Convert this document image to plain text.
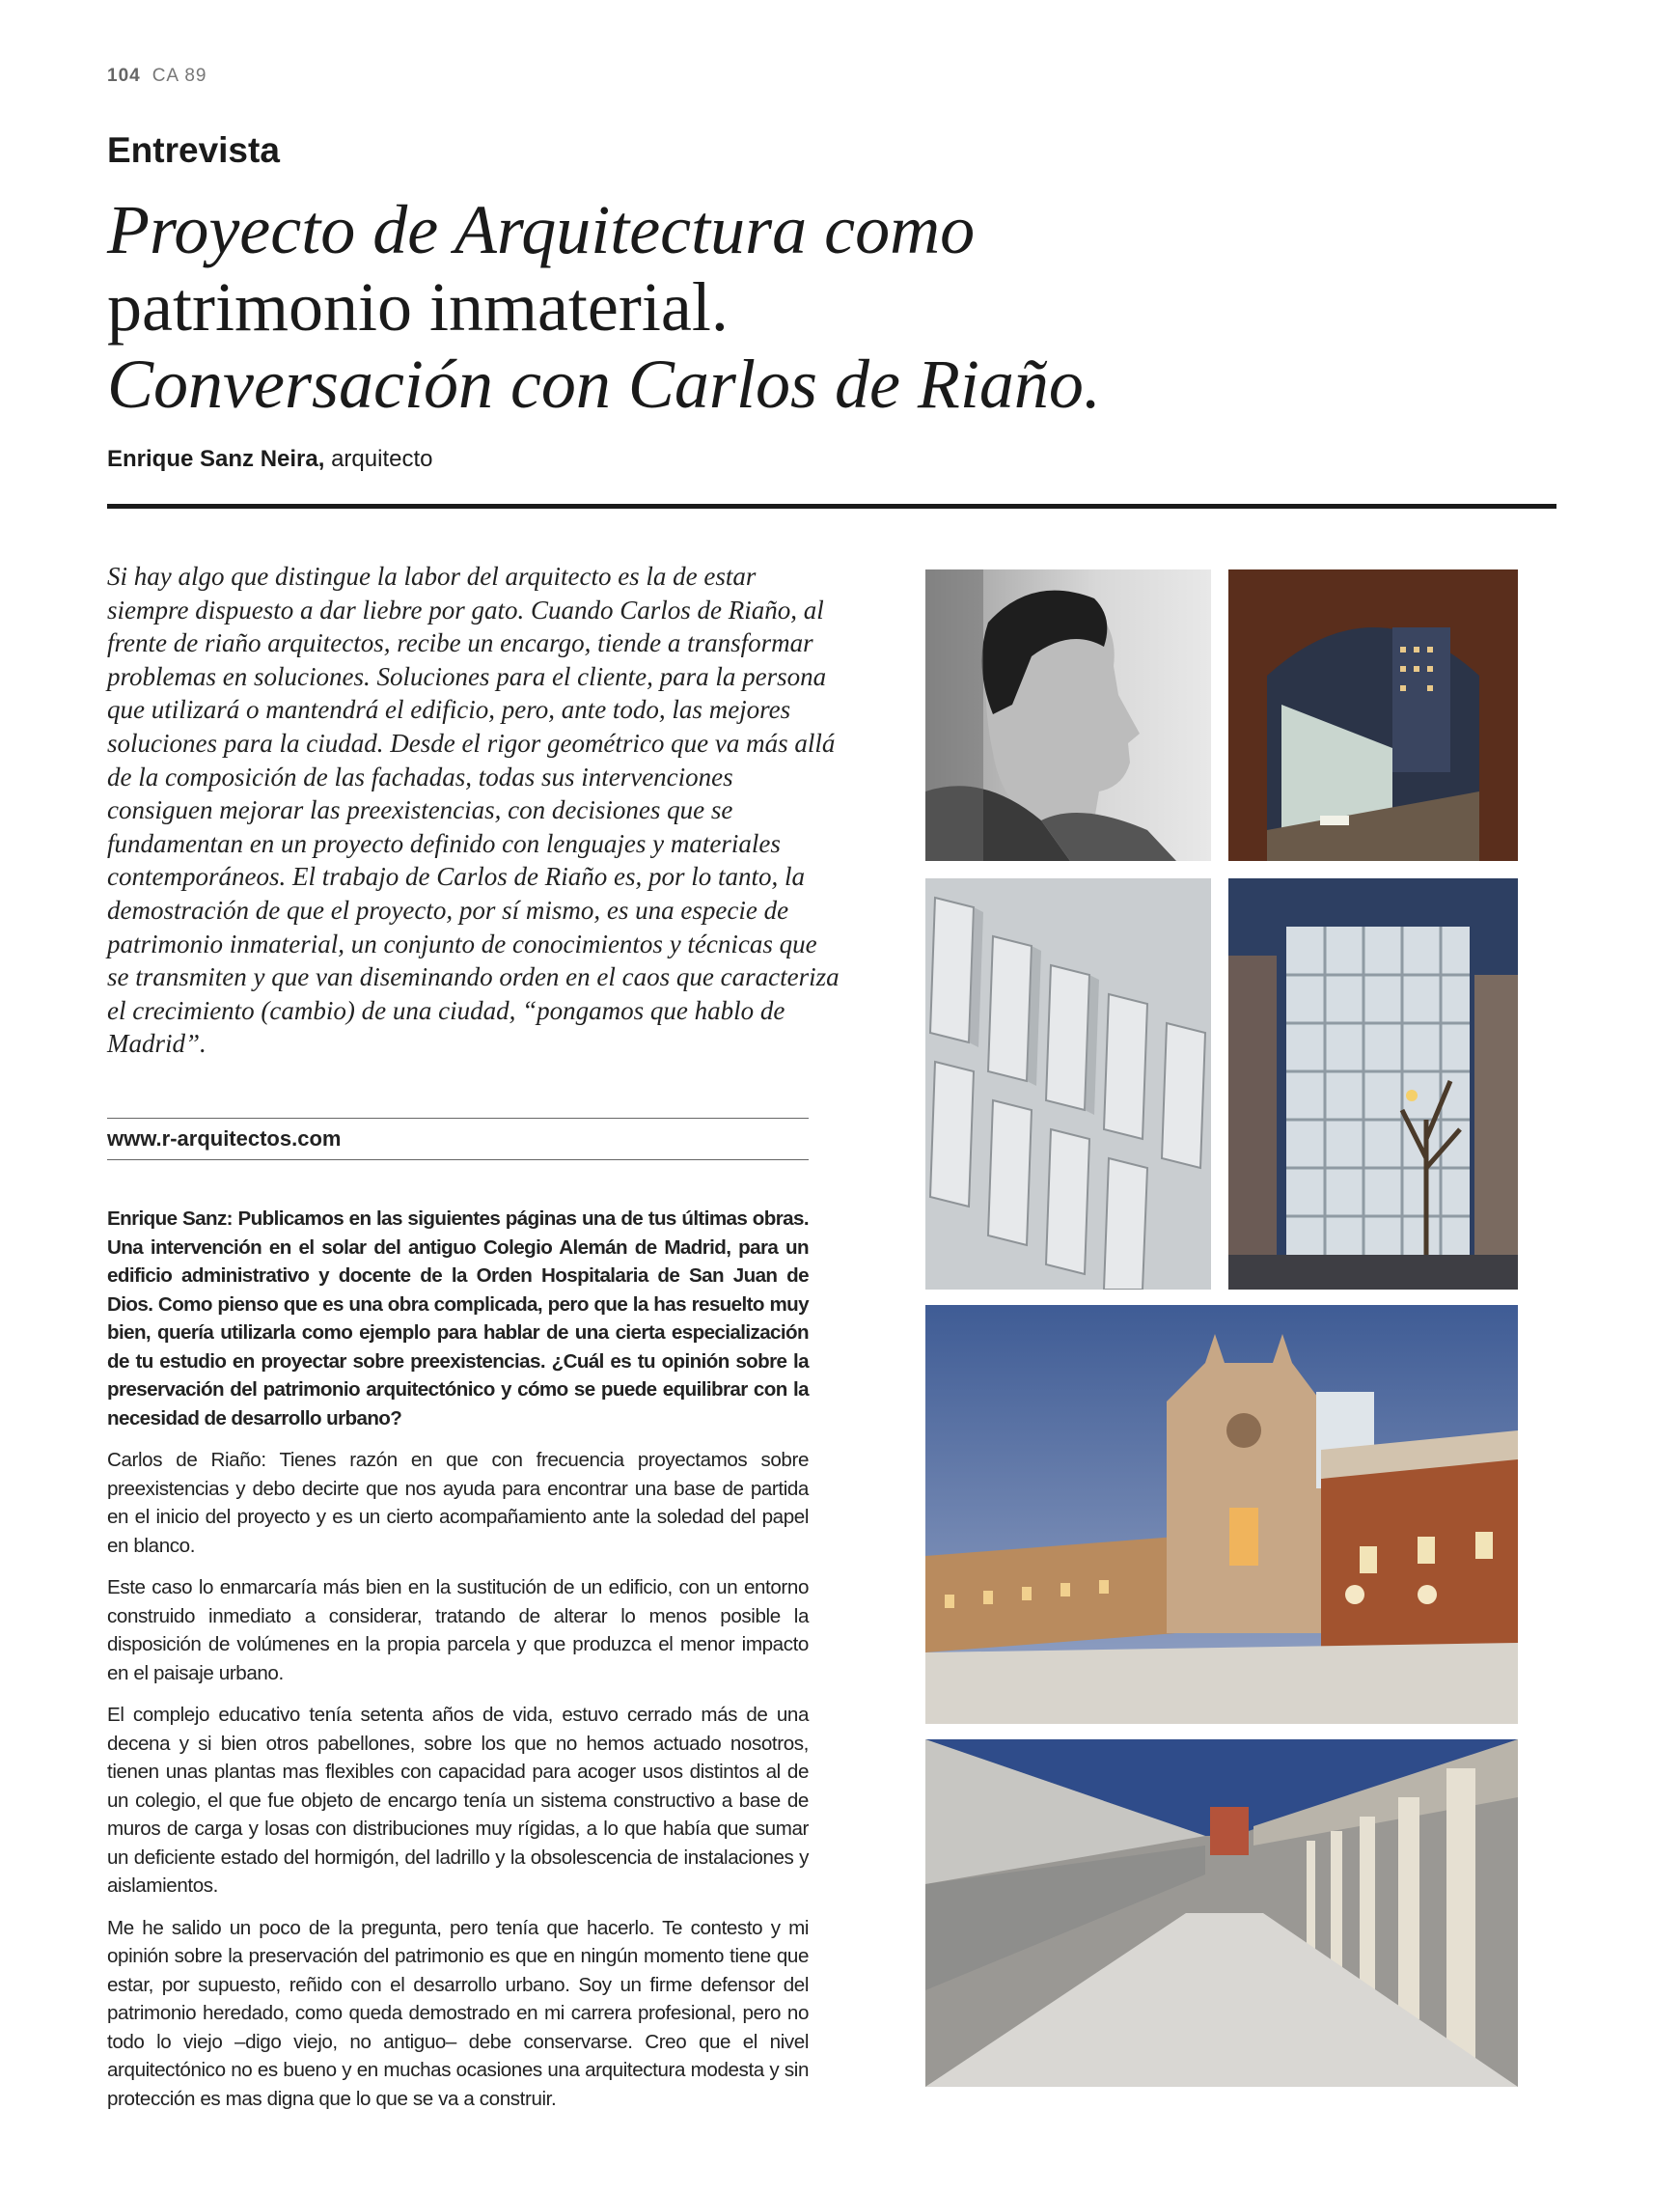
104 CA 89
Entrevista
Proyecto de Arquitectura como
patrimonio inmaterial.
Conversación con Carlos de Riaño.
Enrique Sanz Neira, arquitecto
Si hay algo que distingue la labor del arquitecto es la de estar siempre dispuesto a dar liebre por gato. Cuando Carlos de Riaño, al frente de riaño arquitectos, recibe un encargo, tiende a transformar problemas en soluciones. Soluciones para el cliente, para la persona que utilizará o mantendrá el edificio, pero, ante todo, las mejores soluciones para la ciudad. Desde el rigor geométrico que va más allá de la composición de las fachadas, todas sus intervenciones consiguen mejorar las preexistencias, con decisiones que se fundamentan en un proyecto definido con lenguajes y materiales contemporáneos. El trabajo de Carlos de Riaño es, por lo tanto, la demostración de que el proyecto, por sí mismo, es una especie de patrimonio inmaterial, un conjunto de conocimientos y técnicas que se transmiten y que van diseminando orden en el caos que caracteriza el crecimiento (cambio) de una ciudad, “pongamos que hablo de Madrid”.
www.r-arquitectos.com

Enrique Sanz: Publicamos en las siguientes páginas una de tus últimas obras. Una intervención en el solar del antiguo Colegio Alemán de Madrid, para un edificio administrativo y docente de la Orden Hospitalaria de San Juan de Dios. Como pienso que es una obra complicada, pero que la has resuelto muy bien, quería utilizarla como ejemplo para hablar de una cierta especialización de tu estudio en proyectar sobre preexistencias. ¿Cuál es tu opinión sobre la preservación del patrimonio arquitectónico y cómo se puede equilibrar con la necesidad de desarrollo urbano?

Carlos de Riaño: Tienes razón en que con frecuencia proyectamos sobre preexistencias y debo decirte que nos ayuda para encontrar una base de partida en el inicio del proyecto y es un cierto acompañamiento ante la soledad del papel en blanco.

Este caso lo enmarcaría más bien en la sustitución de un edificio, con un entorno construido inmediato a considerar, tratando de alterar lo menos posible la disposición de volúmenes en la propia parcela y que produzca el menor impacto en el paisaje urbano.

El complejo educativo tenía setenta años de vida, estuvo cerrado más de una decena y si bien otros pabellones, sobre los que no hemos actuado nosotros, tienen unas plantas mas flexibles con capacidad para acoger usos distintos al de un colegio, el que fue objeto de encargo tenía un sistema constructivo a base de muros de carga y losas con distribuciones muy rígidas, a lo que había que sumar un deficiente estado del hormigón, del ladrillo y la obsolescencia de instalaciones y aislamientos.

Me he salido un poco de la pregunta, pero tenía que hacerlo. Te contesto y mi opinión sobre la preservación del patrimonio es que en ningún momento tiene que estar, por supuesto, reñido con el desarrollo urbano. Soy un firme defensor del patrimonio heredado, como queda demostrado en mi carrera profesional, pero no todo lo viejo –digo viejo, no antiguo– debe conservarse. Creo que el nivel arquitectónico no es bueno y en muchas ocasiones una arquitectura modesta y sin protección es mas digna que lo que se va a construir.
